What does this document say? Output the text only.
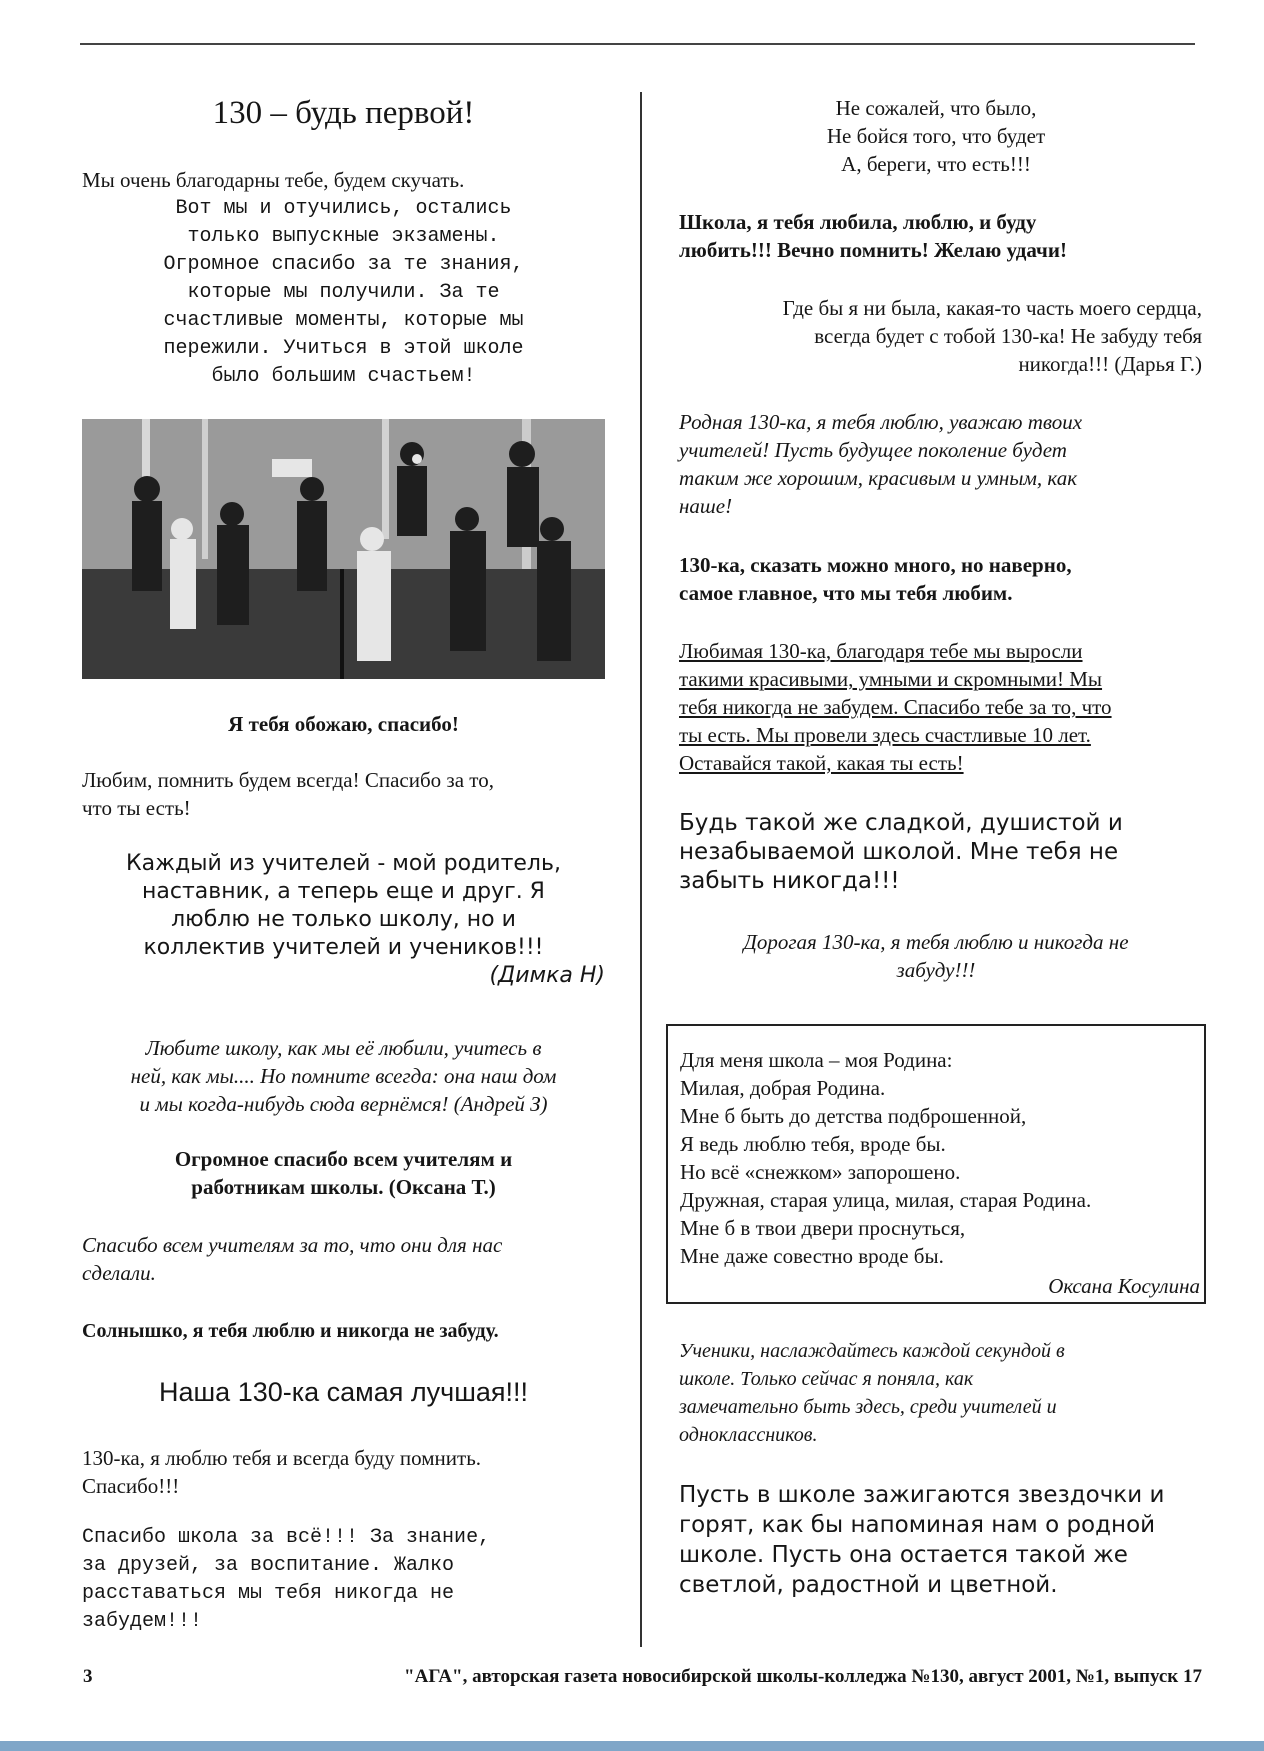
130 – будь первой!
Мы очень благодарны тебе, будем скучать.
Вот мы и отучились, остались
только выпускные экзамены.
Огромное спасибо за те знания,
которые мы получили. За те
счастливые моменты, которые мы
пережили. Учиться в этой школе
было большим счастьем!
Я тебя обожаю, спасибо!
Любим, помнить будем всегда! Спасибо за то,
что ты есть!
Каждый из учителей - мой родитель,
наставник, а теперь еще и друг. Я
люблю не только школу, но и
коллектив учителей и учеников!!!
(Димка Н)
Любите школу, как мы её любили, учитесь в
ней, как мы.... Но помните всегда: она наш дом
и мы когда-нибудь сюда вернёмся! (Андрей З)
Огромное спасибо всем учителям и
работникам школы. (Оксана Т.)
Спасибо всем учителям за то, что они для нас
сделали.
Солнышко, я тебя люблю и никогда не забуду.
Наша 130-ка самая лучшая!!!
130-ка, я люблю тебя и всегда буду помнить.
Спасибо!!!
Спасибо школа за всё!!! За знание,
за друзей, за воспитание. Жалко
расставаться мы тебя никогда не
забудем!!!
Не сожалей, что было,
Не бойся того, что будет
А, береги, что есть!!!
Школа, я тебя любила, люблю, и буду
любить!!! Вечно помнить! Желаю удачи!
Где бы я ни была, какая-то часть моего сердца,
всегда будет с тобой 130-ка! Не забуду тебя
никогда!!! (Дарья Г.)
Родная 130-ка, я тебя люблю, уважаю твоих
учителей! Пусть будущее поколение будет
таким же хорошим, красивым и умным, как
наше!
130-ка, сказать можно много, но наверно,
самое главное, что мы тебя любим.
Любимая 130-ка, благодаря тебе мы выросли
такими красивыми, умными и скромными! Мы
тебя никогда не забудем. Спасибо тебе за то, что
ты есть. Мы провели здесь счастливые 10 лет.
Оставайся такой, какая ты есть!
Будь такой же сладкой, душистой и
незабываемой школой. Мне тебя не
забыть никогда!!!
Дорогая 130-ка, я тебя люблю и никогда не
забуду!!!
Для меня школа – моя Родина:
Милая, добрая Родина.
Мне б быть до детства подброшенной,
Я ведь люблю тебя, вроде бы.
Но всё «снежком» запорошено.
Дружная, старая улица, милая, старая Родина.
Мне б в твои двери проснуться,
Мне даже совестно вроде бы.
Оксана Косулина
Ученики, наслаждайтесь каждой секундой в
школе. Только сейчас я поняла, как
замечательно быть здесь, среди учителей и
одноклассников.
Пусть в школе зажигаются звездочки и
горят, как бы напоминая нам о родной
школе. Пусть она остается такой же
светлой, радостной и цветной.
3	"АГА", авторская газета новосибирской школы-колледжа №130, август 2001, №1, выпуск 17
